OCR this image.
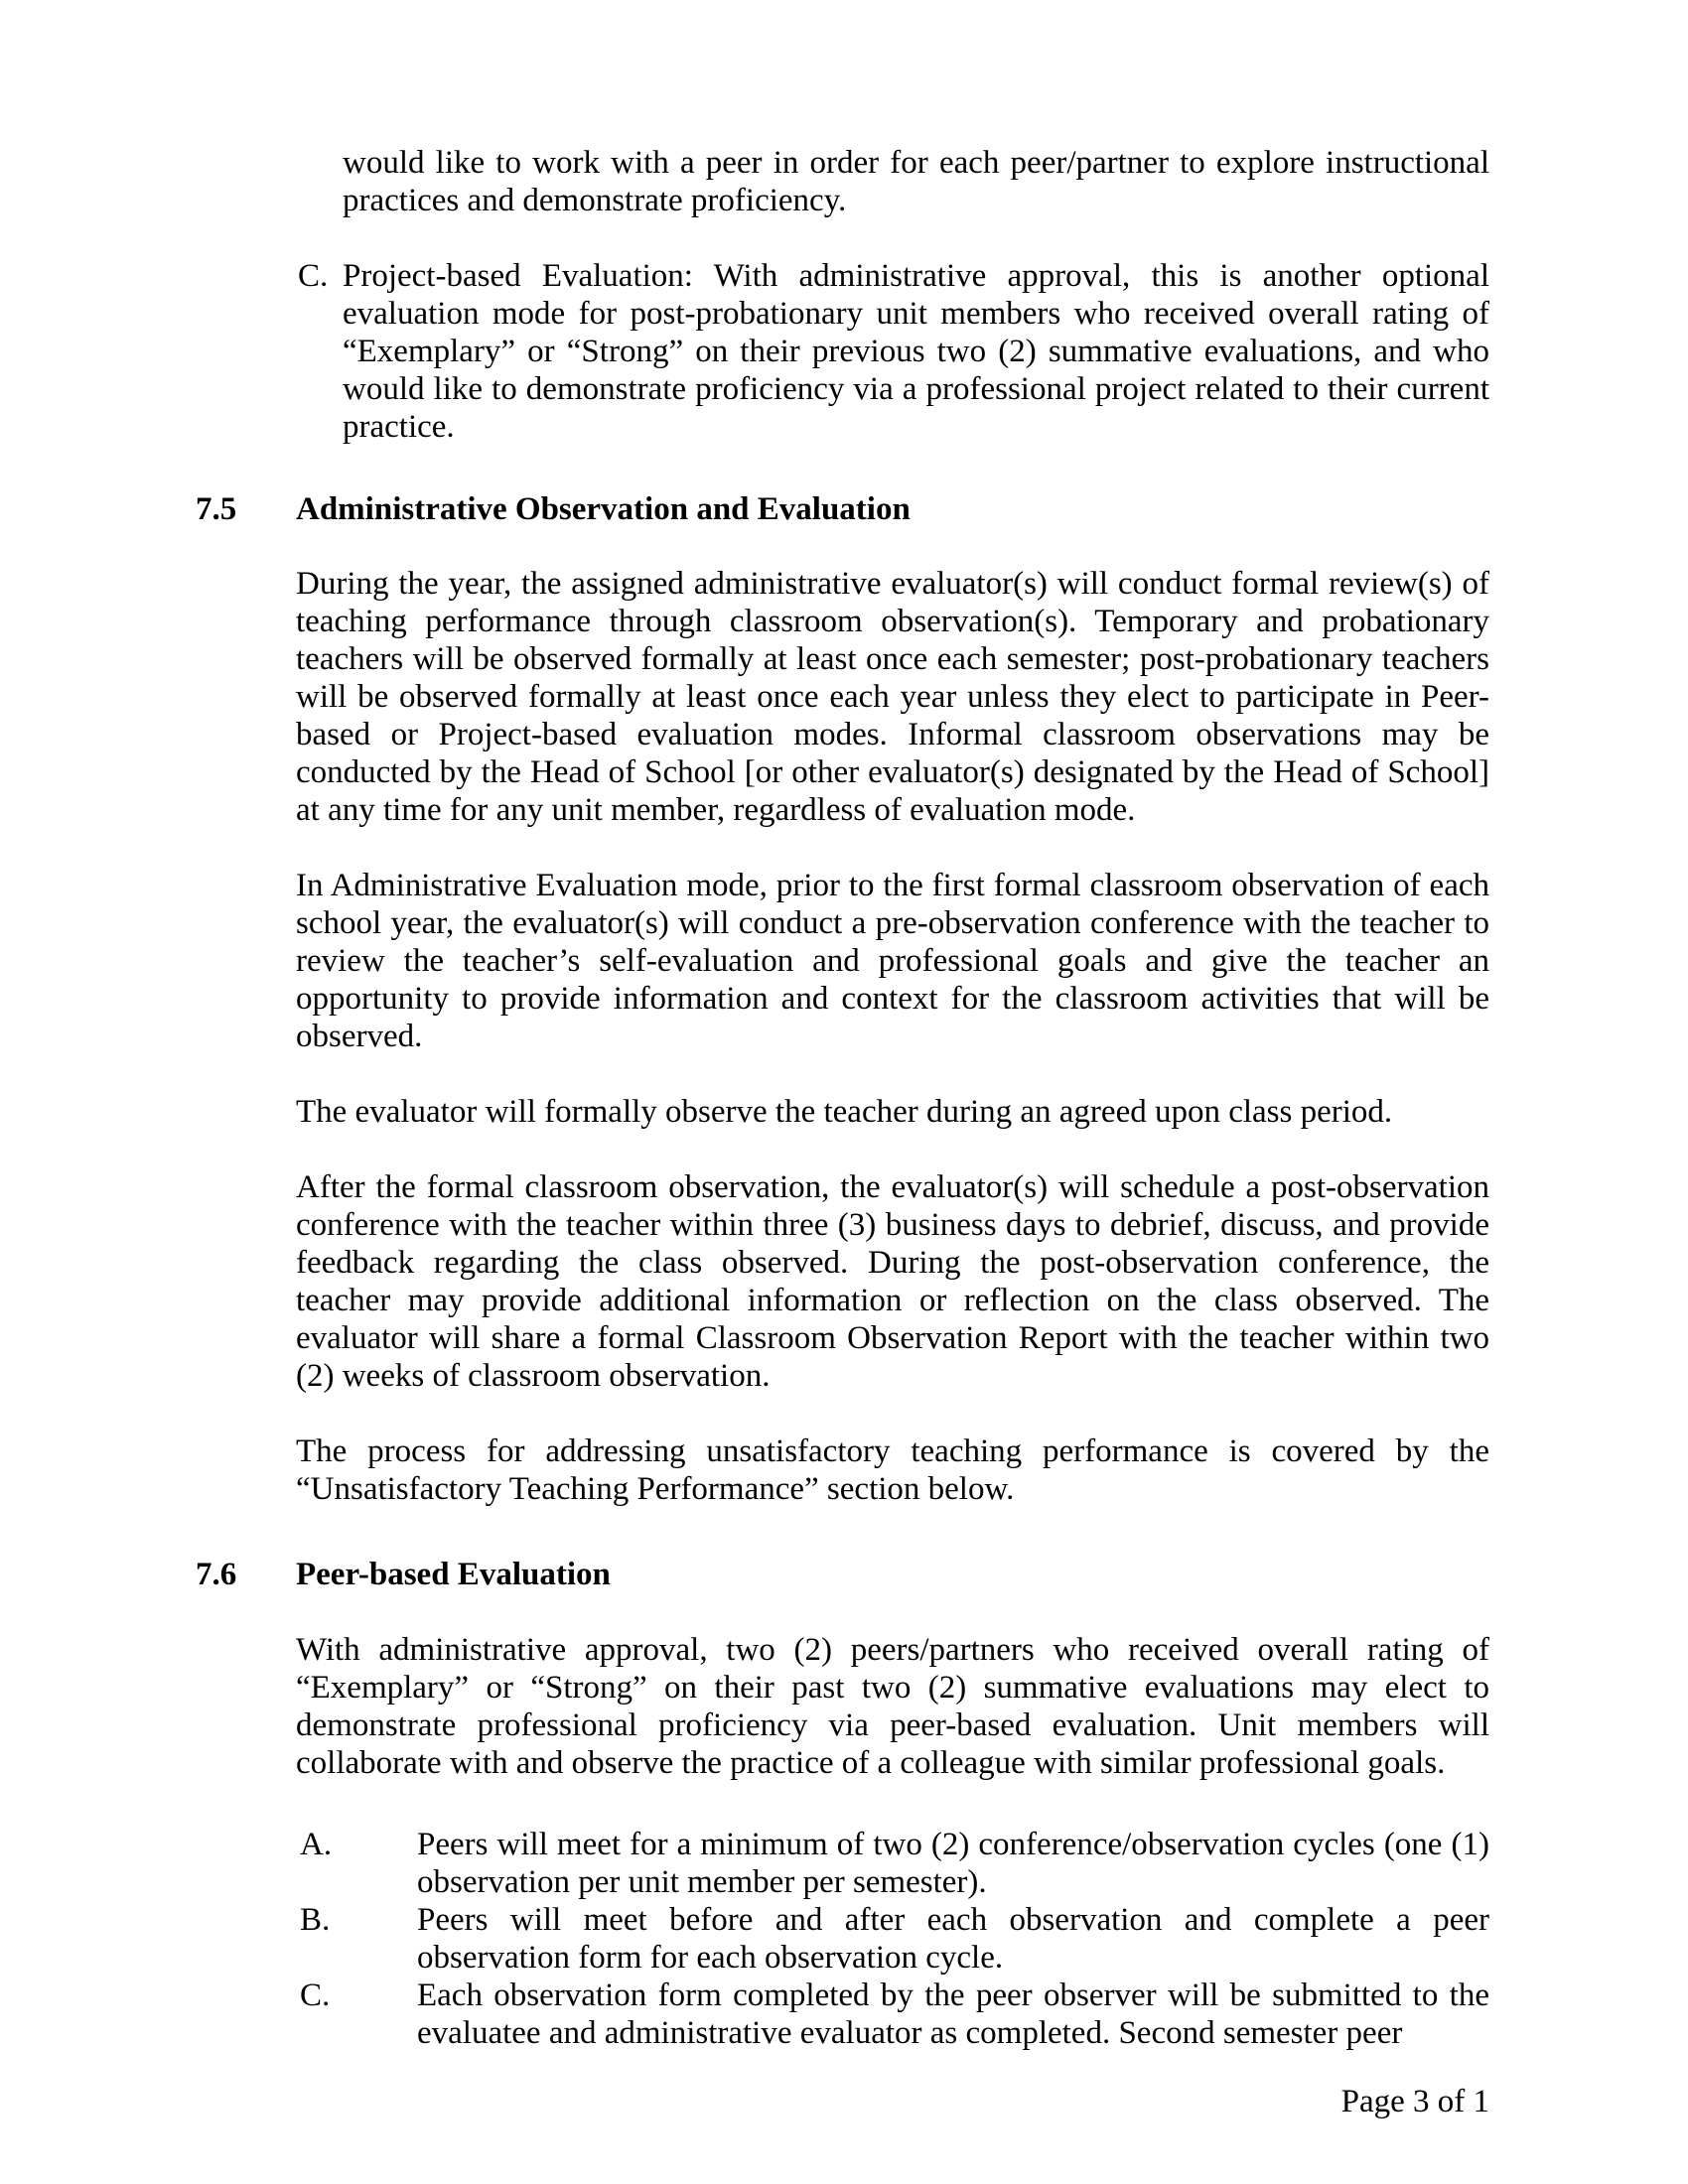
would like to work with a peer in order for each peer/partner to explore instructional practices and demonstrate proficiency.
C. Project-based Evaluation: With administrative approval, this is another optional evaluation mode for post-probationary unit members who received overall rating of “Exemplary” or “Strong” on their previous two (2) summative evaluations, and who would like to demonstrate proficiency via a professional project related to their current practice.
7.5 Administrative Observation and Evaluation
During the year, the assigned administrative evaluator(s) will conduct formal review(s) of teaching performance through classroom observation(s). Temporary and probationary teachers will be observed formally at least once each semester; post-probationary teachers will be observed formally at least once each year unless they elect to participate in Peer-based or Project-based evaluation modes. Informal classroom observations may be conducted by the Head of School [or other evaluator(s) designated by the Head of School] at any time for any unit member, regardless of evaluation mode.
In Administrative Evaluation mode, prior to the first formal classroom observation of each school year, the evaluator(s) will conduct a pre-observation conference with the teacher to review the teacher’s self-evaluation and professional goals and give the teacher an opportunity to provide information and context for the classroom activities that will be observed.
The evaluator will formally observe the teacher during an agreed upon class period.
After the formal classroom observation, the evaluator(s) will schedule a post-observation conference with the teacher within three (3) business days to debrief, discuss, and provide feedback regarding the class observed. During the post-observation conference, the teacher may provide additional information or reflection on the class observed. The evaluator will share a formal Classroom Observation Report with the teacher within two (2) weeks of classroom observation.
The process for addressing unsatisfactory teaching performance is covered by the “Unsatisfactory Teaching Performance” section below.
7.6 Peer-based Evaluation
With administrative approval, two (2) peers/partners who received overall rating of “Exemplary” or “Strong” on their past two (2) summative evaluations may elect to demonstrate professional proficiency via peer-based evaluation. Unit members will collaborate with and observe the practice of a colleague with similar professional goals.
A.	Peers will meet for a minimum of two (2) conference/observation cycles (one (1) observation per unit member per semester).
B.	Peers will meet before and after each observation and complete a peer observation form for each observation cycle.
C.	Each observation form completed by the peer observer will be submitted to the evaluatee and administrative evaluator as completed. Second semester peer
Page 3 of 1
